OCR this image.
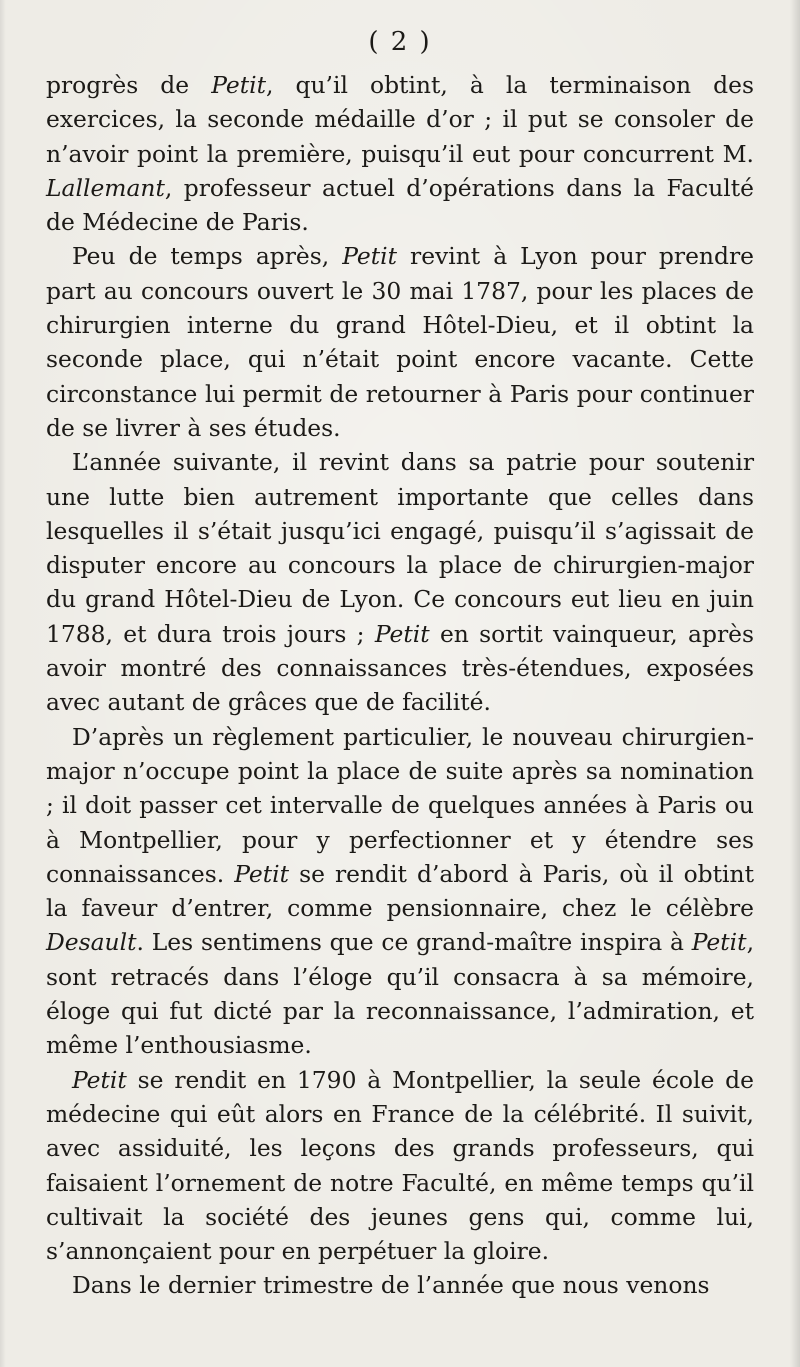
( 2 )

progrès de Petit, qu’il obtint, à la terminaison des exercices, la seconde médaille d’or ; il put se consoler de n’avoir point la première, puisqu’il eut pour concurrent M. Lallemant, professeur actuel d’opérations dans la Faculté de Médecine de Paris.

Peu de temps après, Petit revint à Lyon pour prendre part au concours ouvert le 30 mai 1787, pour les places de chirurgien interne du grand Hôtel-Dieu, et il obtint la seconde place, qui n’était point encore vacante. Cette circonstance lui permit de retourner à Paris pour continuer de se livrer à ses études.

L’année suivante, il revint dans sa patrie pour soutenir une lutte bien autrement importante que celles dans lesquelles il s’était jusqu’ici engagé, puisqu’il s’agissait de disputer encore au concours la place de chirurgien-major du grand Hôtel-Dieu de Lyon. Ce concours eut lieu en juin 1788, et dura trois jours ; Petit en sortit vainqueur, après avoir montré des connaissances très-étendues, exposées avec autant de grâces que de facilité.

D’après un règlement particulier, le nouveau chirurgien-major n’occupe point la place de suite après sa nomination ; il doit passer cet intervalle de quelques années à Paris ou à Montpellier, pour y perfectionner et y étendre ses connaissances. Petit se rendit d’abord à Paris, où il obtint la faveur d’entrer, comme pensionnaire, chez le célèbre Desault. Les sentimens que ce grand-maître inspira à Petit, sont retracés dans l’éloge qu’il consacra à sa mémoire, éloge qui fut dicté par la reconnaissance, l’admiration, et même l’enthousiasme.

Petit se rendit en 1790 à Montpellier, la seule école de médecine qui eût alors en France de la célébrité. Il suivit, avec assiduité, les leçons des grands professeurs, qui faisaient l’ornement de notre Faculté, en même temps qu’il cultivait la société des jeunes gens qui, comme lui, s’annonçaient pour en perpétuer la gloire.

Dans le dernier trimestre de l’année que nous venons
